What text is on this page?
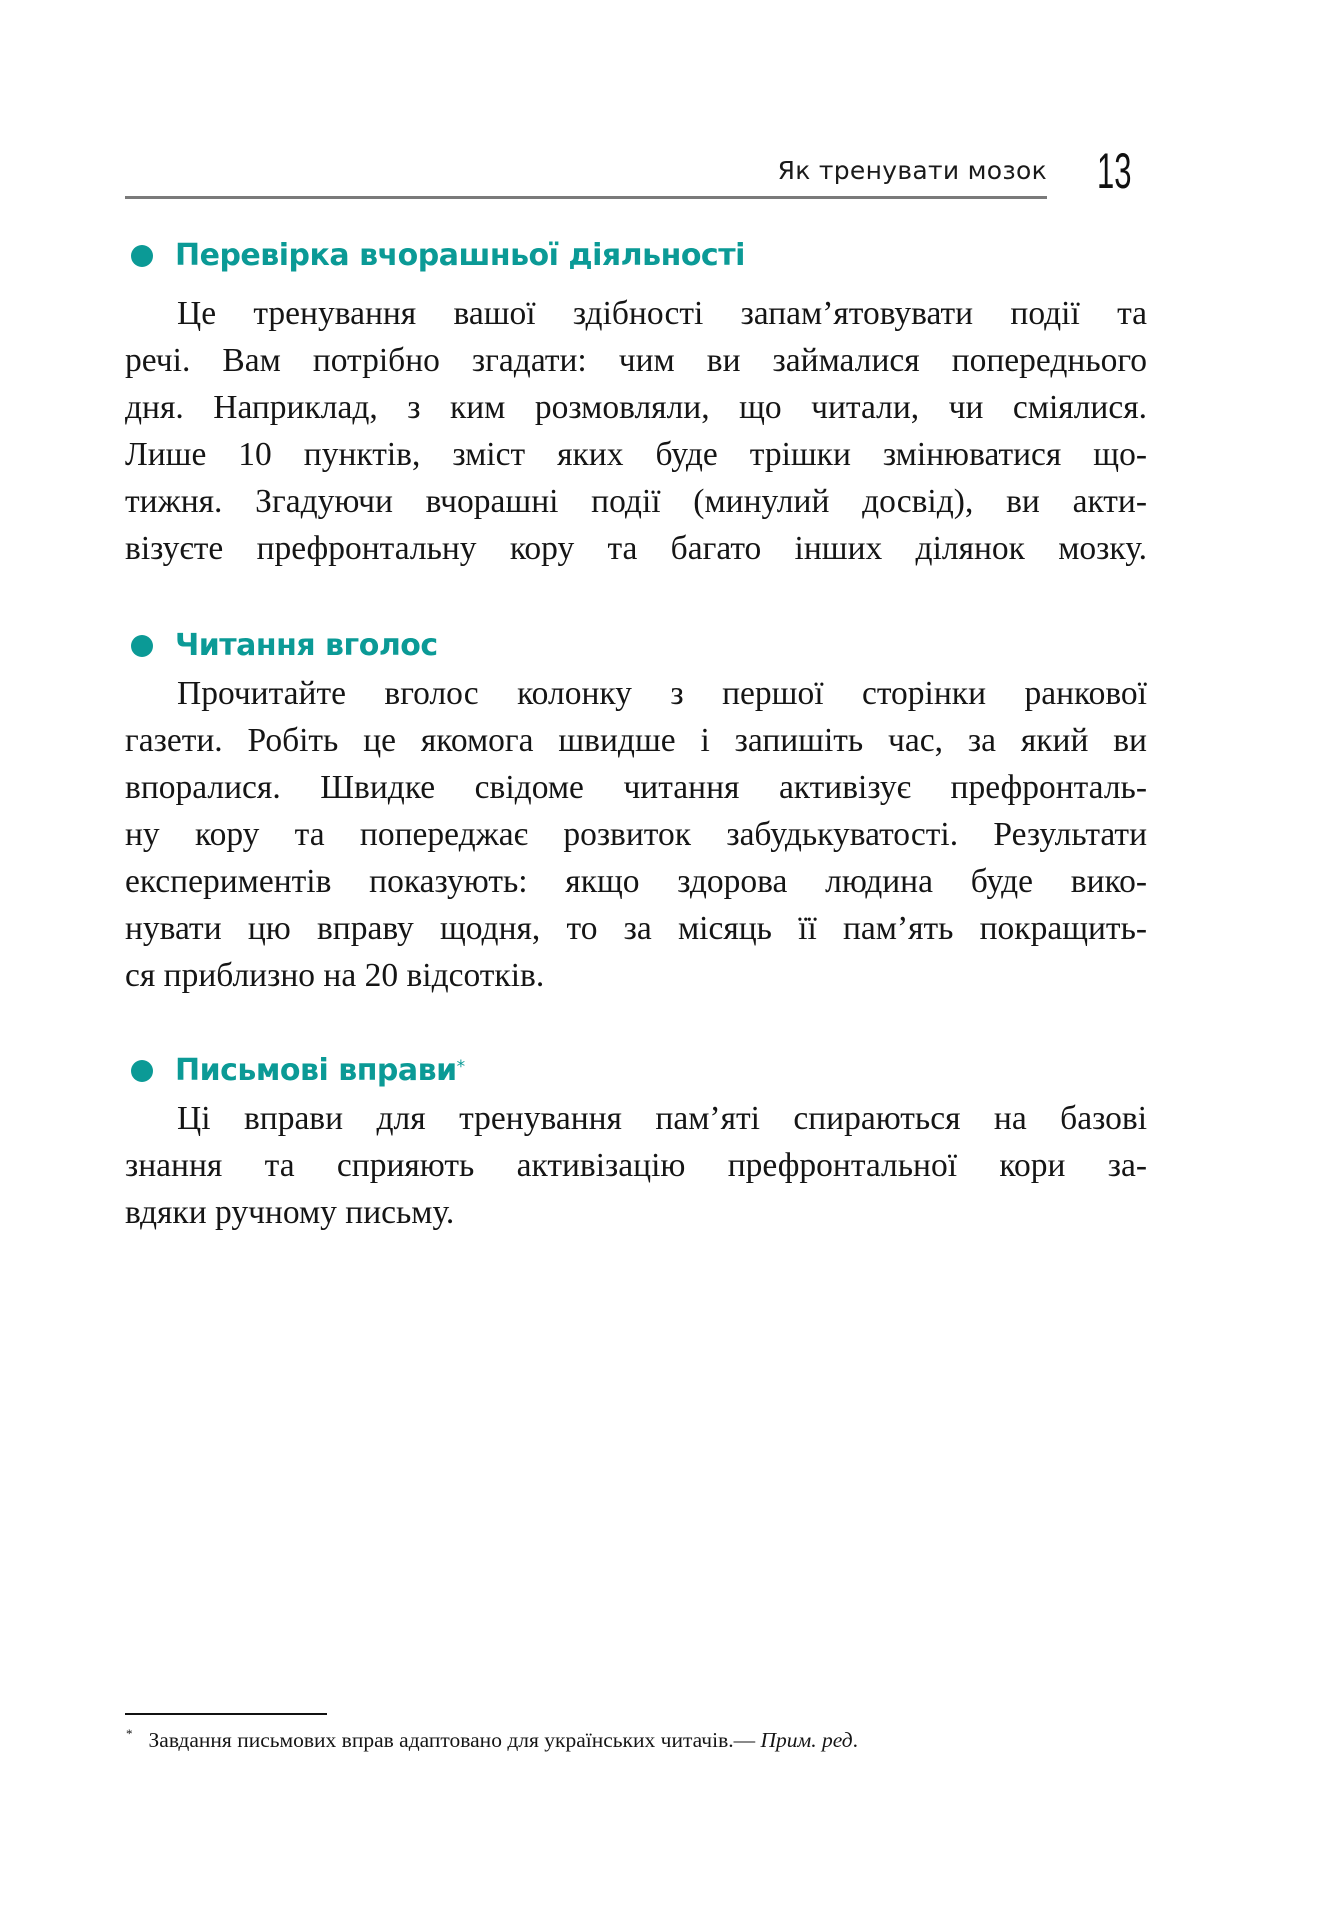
Як тренувати мозок 13
Перевірка вчорашньої діяльності
Це тренування вашої здібності запам’ятовувати події та
речі. Вам потрібно згадати: чим ви займалися попереднього
дня. Наприклад, з ким розмовляли, що читали, чи сміялися.
Лише 10 пунктів, зміст яких буде трішки змінюватися що-
тижня. Згадуючи вчорашні події (минулий досвід), ви акти-
візуєте префронтальну кору та багато інших ділянок мозку.
Читання вголос
Прочитайте вголос колонку з першої сторінки ранкової
газети. Робіть це якомога швидше і запишіть час, за який ви
впоралися. Швидке свідоме читання активізує префронталь-
ну кору та попереджає розвиток забудькуватості. Результати
експериментів показують: якщо здорова людина буде вико-
нувати цю вправу щодня, то за місяць її пам’ять покращить-
ся приблизно на 20 відсотків.
Письмові вправи*
Ці вправи для тренування пам’яті спираються на базові
знання та сприяють активізацію префронтальної кори за-
вдяки ручному письму.
* Завдання письмових вправ адаптовано для українських читачів.— Прим. ред.
